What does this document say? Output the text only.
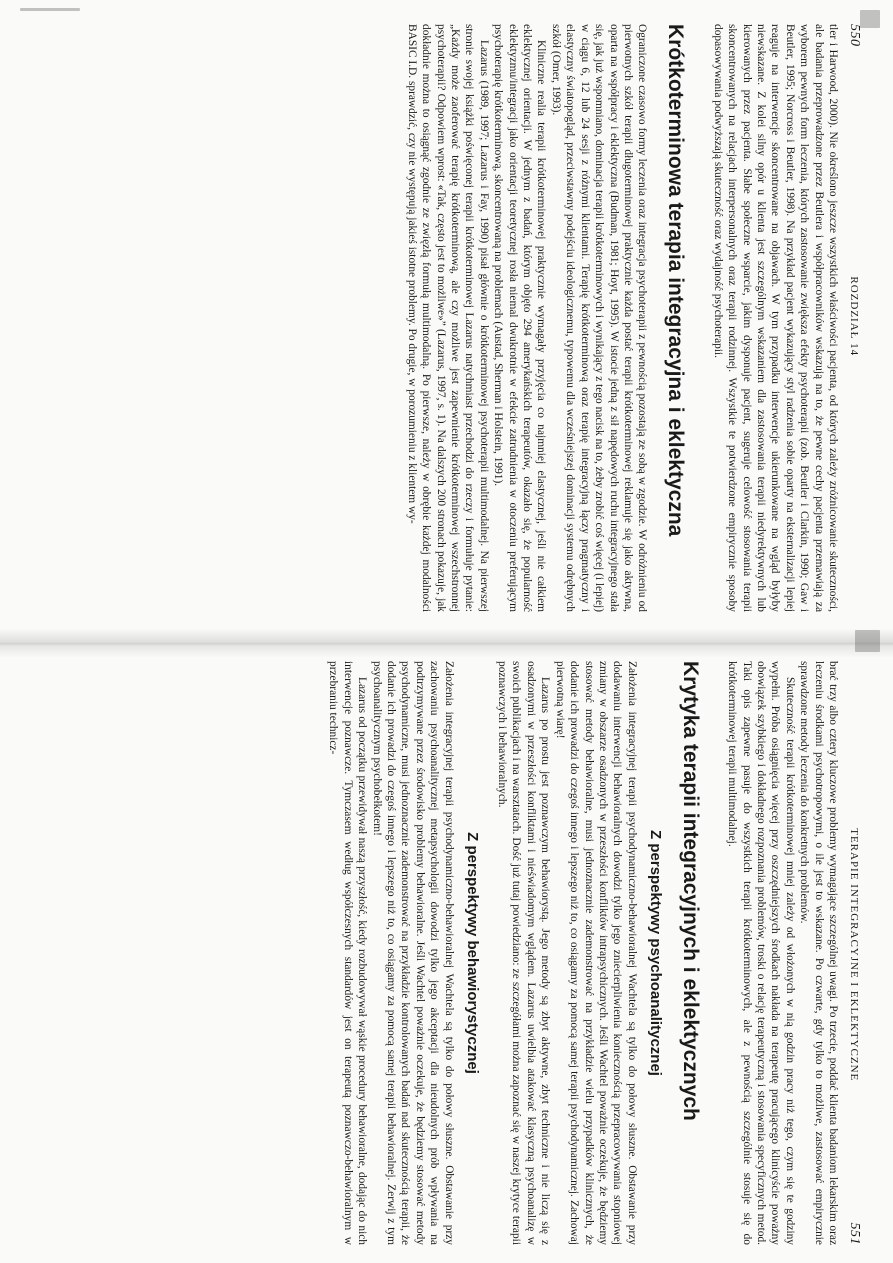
550
ROZDZIAŁ 14

tler i Harwood, 2000). Nie określono jeszcze wszystkich właściwości pacjenta, od których zależy zróżnicowanie skuteczności, ale badania przeprowadzone przez Beutlera i współpracowników wskazują na to, że pewne cechy pacjenta przemawiają za wyborem pewnych form leczenia, których zastosowanie zwiększa efekty psychoterapii (zob. Beutler i Clarkin, 1990; Gaw i Beutler, 1995; Norcross i Beutler, 1998). Na przykład pacjent wykazujący styl radzenia sobie oparty na eksternalizacji lepiej reaguje na interwencje skoncentrowane na objawach. W tym przypadku interwencje ukierunkowane na wgląd byłyby niewskazane. Z kolei silny opór u klienta jest szczególnym wskazaniem dla zastosowania terapii niedyrektywnych lub kierowanych przez pacjenta. Słabe społeczne wsparcie, jakim dysponuje pacjent, sugeruje celowość stosowania terapii skoncentrowanych na relacjach interpersonalnych oraz terapii rodzinnej. Wszystkie te potwierdzone empirycznie sposoby dopasowywania podwyższają skuteczność oraz wydajność psychoterapii.

Krótkoterminowa terapia integracyjna i eklektyczna

Ograniczone czasowo formy leczenia oraz integracja psychoterapii z pewnością pozostają ze sobą w zgodzie. W odróżnieniu od pierwotnych szkół terapii długoterminowej praktycznie każda postać terapii krótkoterminowej reklamuje się jako aktywna, oparta na współpracy i eklektyczna (Budman, 1981; Hoyt, 1995). W istocie jedną z sił napędowych ruchu integracyjnego stała się, jak już wspomniano, dominacja terapii krótkoterminowych i wynikający z tego nacisk na to, żeby zrobić coś więcej (i lepiej) w ciągu 6, 12 lub 24 sesji z różnymi klientami. Terapię krótkoterminową oraz terapię integracyjną łączy pragmatyczny i elastyczny światopogląd, przeciwstawny podejściu ideologicznemu, typowemu dla wcześniejszej dominacji systemu odrębnych szkół (Omer, 1993).

Kliniczne realia terapii krótkoterminowej praktycznie wymagały przyjęcia co najmniej elastycznej, jeśli nie całkiem eklektycznej orientacji. W jednym z badań, którym objęto 294 amerykańskich terapeutów, okazało się, że popularność eklektyzmu/integracji jako orientacji teoretycznej rosła niemal dwukrotnie w efekcie zatrudnienia w otoczeniu preferującym psychoterapię krótkoterminową, skoncentrowaną na problemach (Austad, Sherman i Holstein, 1991).

Lazarus (1989, 1997; Lazarus i Fay, 1990) pisał głównie o krótkoterminowej psychoterapii multimodalnej. Na pierwszej stronie swojej książki poświęconej terapii krótkoterminowej Lazarus natychmiast przechodzi do rzeczy i formułuje pytanie: „Każdy może zaoferować terapię krótkoterminową, ale czy możliwe jest zapewnienie krótkoterminowej wszechstronnej psychoterapii? Odpowiem wprost: «Tak, często jest to możliwe»” (Lazarus, 1997, s. 1). Na dalszych 200 stronach pokazuje, jak dokładnie można to osiągnąć zgodnie ze zwięzłą formułą multimodalną. Po pierwsze, należy w obrębie każdej modalności BASIC I.D. sprawdzić, czy nie występują jakieś istotne problemy. Po drugie, w porozumieniu z klientem wy-

TERAPIE INTEGRACYJNE I EKLEKTYCZNE
551

brać trzy albo cztery kluczowe problemy wymagające szczególnej uwagi. Po trzecie, poddać klienta badaniom lekarskim oraz leczeniu środkami psychotropowymi, o ile jest to wskazane. Po czwarte, gdy tylko to możliwe, zastosować empirycznie sprawdzone metody leczenia do konkretnych problemów.

Skuteczność terapii krótkoterminowej mniej zależy od włożonych w nią godzin pracy niż tego, czym się te godziny wypełni. Próba osiągnięcia więcej przy oszczędniejszych środkach nakłada na terapeutę pracującego klinicyście poważny obowiązek szybkiego i dokładnego rozpoznania problemów, troski o relację terapeutyczną i stosowania specyficznych metod. Taki opis zapewne pasuje do wszystkich terapii krótkoterminowych, ale z pewnością szczególnie stosuje się do krótkoterminowej terapii multimodalnej.

Krytyka terapii integracyjnych i eklektycznych
Z perspektywy psychoanalitycznej

Założenia integracyjnej terapii psychodynamiczno-behawioralnej Wachtela są tylko do połowy słuszne. Obstawanie przy dodawaniu interwencji behawioralnych dowodzi tylko jego zniecierpliwienia koniecznością przepracowywania stopniowej zmiany w obszarze osadzonych w przeszłości konfliktów intrapsychicznych. Jeśli Wachtel poważnie oczekuje, że będziemy stosować metody behawioralne, musi jednoznacznie zademonstrować na przykładzie wielu przypadków klinicznych, że dodanie ich prowadzi do czegoś innego i lepszego niż to, co osiągamy za pomocą samej terapii psychodynamicznej. Zachowaj pierwotną wiarę!

Lazarus po prostu jest poznawczym behawiorystą. Jego metody są zbyt aktywne, zbyt techniczne i nie liczą się z osadzonymi w przeszłości konfliktami i nieświadomym wglądem. Lazarus uwielbia atakować klasyczną psychoanalizę w swoich publikacjach i na warsztatach. Dość już tutaj powiedziano: ze szczegółami można zapoznać się w naszej krytyce terapii poznawczych i behawioralnych.

Z perspektywy behawiorystycznej

Założenia integracyjnej terapii psychodynamiczno-behawioralnej Wachtela są tylko do połowy słuszne. Obstawanie przy zachowaniu psychoanalitycznej metapsychologii dowodzi tylko jego akceptacji dla nieudolnych prób wpływania na podtrzymywane przez środowisko problemy behawioralne. Jeśli Wachtel poważnie oczekuje, że będziemy stosować metody psychodynamiczne, musi jednoznacznie zademonstrować na przykładzie kontrolowanych badań nad skutecznością terapii, że dodanie ich prowadzi do czegoś innego i lepszego niż to, co osiągamy za pomocą samej terapii behawioralnej. Zerwij z tym psychoanalitycznym psychobełkotem!

Lazarus od początku przewidywał naszą przyszłość, kiedy rozbudowywał wąskie procedury behawioralne, dodając do nich interwencje poznawcze. Tymczasem według współczesnych standardów jest on terapeutą poznawczo-behawioralnym w przebraniu technicz-
